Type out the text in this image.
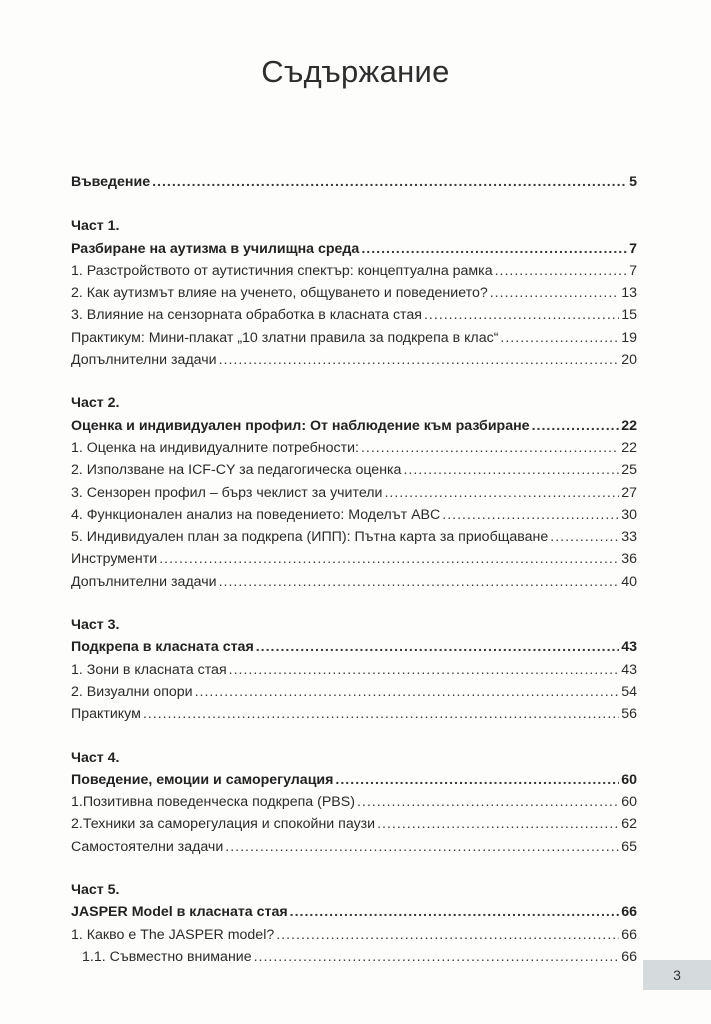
Съдържание
Въведение .....	5
Част 1.
Разбиране на аутизма в училищна среда .....	7
1. Разстройството от аутистичния спектър: концептуална рамка .....	7
2. Как аутизмът влияе на ученето, общуването и поведението? .....	13
3. Влияние на сензорната обработка в класната стая .....	15
Практикум: Мини-плакат „10 златни правила за подкрепа в клас“ .....	19
Допълнителни задачи .....	20
Част 2.
Оценка и индивидуален профил: От наблюдение към разбиране .....	22
1. Оценка на индивидуалните потребности: .....	22
2. Използване на ICF-CY за педагогическа оценка .....	25
3. Сензорен профил – бърз чеклист за учители .....	27
4. Функционален анализ на поведението: Моделът ABC .....	30
5. Индивидуален план за подкрепа (ИПП): Пътна карта за приобщаване .....	33
Инструменти .....	36
Допълнителни задачи .....	40
Част 3.
Подкрепа в класната стая .....	43
1. Зони в класната стая .....	43
2. Визуални опори .....	54
Практикум .....	56
Част 4.
Поведение, емоции и саморегулация .....	60
1.Позитивна поведенческа подкрепа (PBS) .....	60
2.Техники за саморегулация и спокойни паузи .....	62
Самостоятелни задачи .....	65
Част 5.
JASPER Model в класната стая .....	66
1. Какво е The JASPER model? .....	66
1.1. Съвместно внимание .....	66
3
